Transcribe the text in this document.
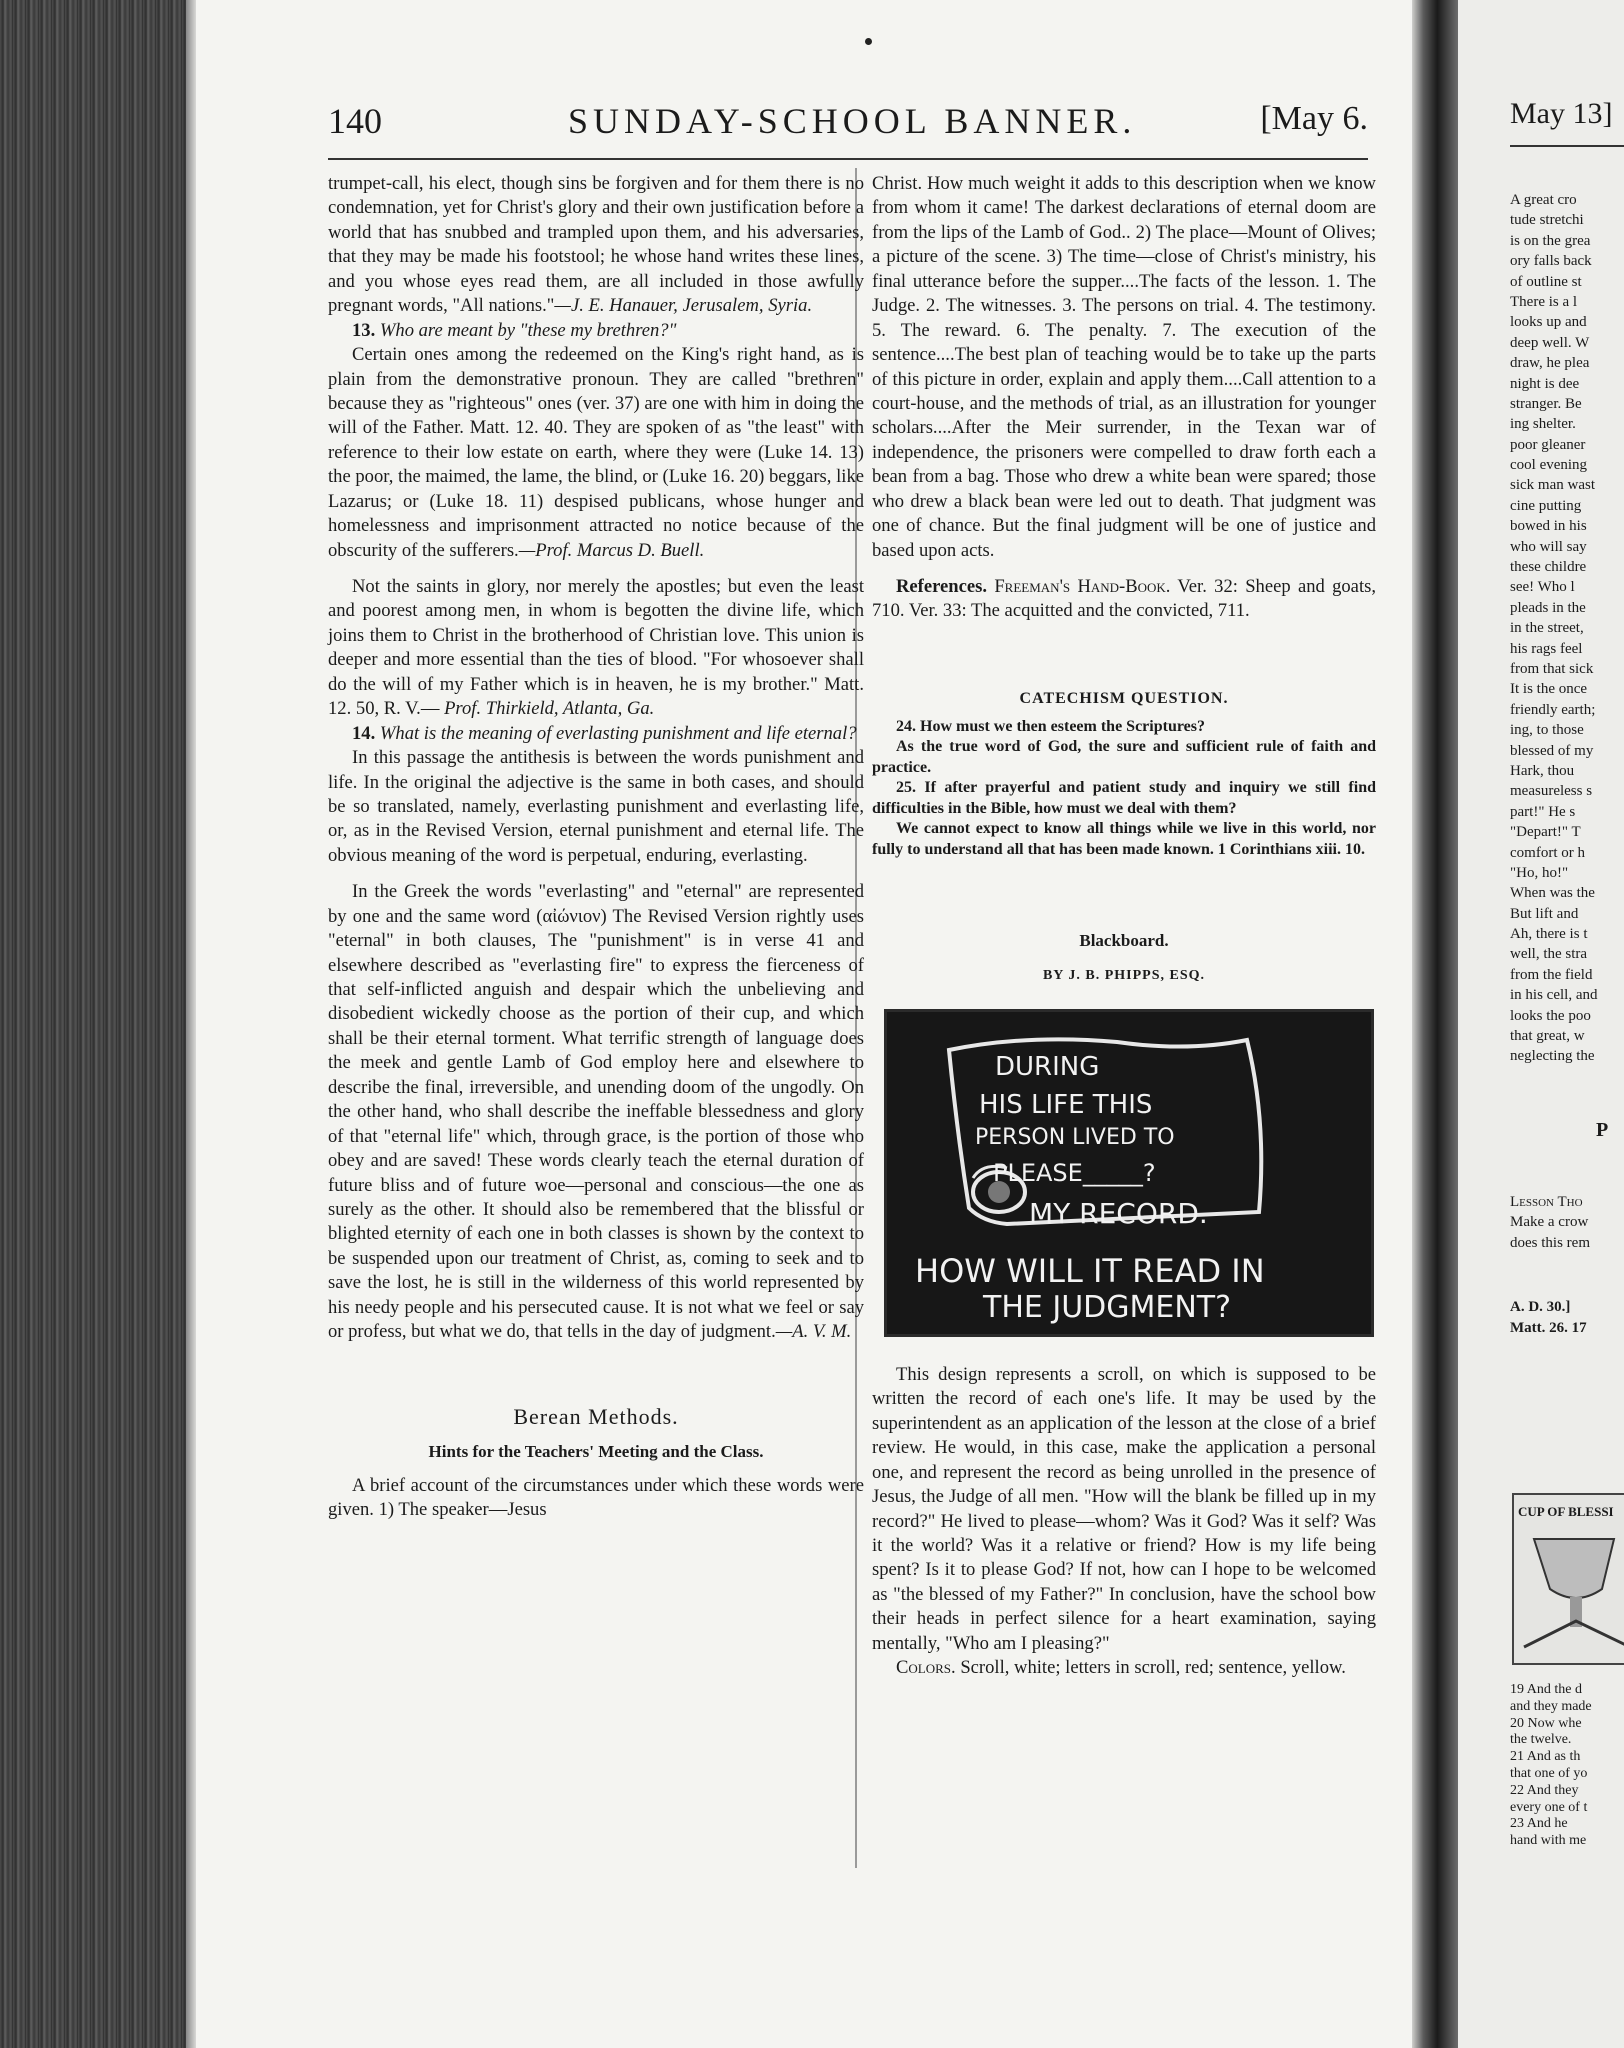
140	SUNDAY-SCHOOL BANNER.	[May 6.

trumpet-call, his elect, though sins be forgiven and for them there is no condemnation, yet for Christ's glory and their own justification before a world that has snubbed and trampled upon them, and his adversaries, that they may be made his footstool; he whose hand writes these lines, and you whose eyes read them, are all included in those awfully pregnant words, "All nations."—J. E. Hanauer, Jerusalem, Syria.

13. Who are meant by "these my brethren?"

Certain ones among the redeemed on the King's right hand, as is plain from the demonstrative pronoun. They are called "brethren" because they as "righteous" ones (ver. 37) are one with him in doing the will of the Father. Matt. 12. 40. They are spoken of as "the least" with reference to their low estate on earth, where they were (Luke 14. 13) the poor, the maimed, the lame, the blind, or (Luke 16. 20) beggars, like Lazarus; or (Luke 18. 11) despised publicans, whose hunger and homelessness and imprisonment attracted no notice because of the obscurity of the sufferers.—Prof. Marcus D. Buell.

Not the saints in glory, nor merely the apostles; but even the least and poorest among men, in whom is begotten the divine life, which joins them to Christ in the brotherhood of Christian love. This union is deeper and more essential than the ties of blood. "For whosoever shall do the will of my Father which is in heaven, he is my brother." Matt. 12. 50, R. V.— Prof. Thirkield, Atlanta, Ga.

14. What is the meaning of everlasting punishment and life eternal?

In this passage the antithesis is between the words punishment and life. In the original the adjective is the same in both cases, and should be so translated, namely, everlasting punishment and everlasting life, or, as in the Revised Version, eternal punishment and eternal life. The obvious meaning of the word is perpetual, enduring, everlasting.

In the Greek the words "everlasting" and "eternal" are represented by one and the same word (αἰώνιον) The Revised Version rightly uses "eternal" in both clauses, The "punishment" is in verse 41 and elsewhere described as "everlasting fire" to express the fierceness of that self-inflicted anguish and despair which the unbelieving and disobedient wickedly choose as the portion of their cup, and which shall be their eternal torment. What terrific strength of language does the meek and gentle Lamb of God employ here and elsewhere to describe the final, irreversible, and unending doom of the ungodly. On the other hand, who shall describe the ineffable blessedness and glory of that "eternal life" which, through grace, is the portion of those who obey and are saved! These words clearly teach the eternal duration of future bliss and of future woe—personal and conscious—the one as surely as the other. It should also be remembered that the blissful or blighted eternity of each one in both classes is shown by the context to be suspended upon our treatment of Christ, as, coming to seek and to save the lost, he is still in the wilderness of this world represented by his needy people and his persecuted cause. It is not what we feel or say or profess, but what we do, that tells in the day of judgment.—A. V. M.

Berean Methods.
Hints for the Teachers' Meeting and the Class.

A brief account of the circumstances under which these words were given. 1) The speaker—Jesus

Christ. How much weight it adds to this description when we know from whom it came! The darkest declarations of eternal doom are from the lips of the Lamb of God.. 2) The place—Mount of Olives; a picture of the scene. 3) The time—close of Christ's ministry, his final utterance before the supper....The facts of the lesson. 1. The Judge. 2. The witnesses. 3. The persons on trial. 4. The testimony. 5. The reward. 6. The penalty. 7. The execution of the sentence....The best plan of teaching would be to take up the parts of this picture in order, explain and apply them....Call attention to a court-house, and the methods of trial, as an illustration for younger scholars....After the Meir surrender, in the Texan war of independence, the prisoners were compelled to draw forth each a bean from a bag. Those who drew a white bean were spared; those who drew a black bean were led out to death. That judgment was one of chance. But the final judgment will be one of justice and based upon acts.

References. Freeman's Hand-Book. Ver. 32: Sheep and goats, 710. Ver. 33: The acquitted and the convicted, 711.

CATECHISM QUESTION.

24. How must we then esteem the Scriptures?

As the true word of God, the sure and sufficient rule of faith and practice.

25. If after prayerful and patient study and inquiry we still find difficulties in the Bible, how must we deal with them?

We cannot expect to know all things while we live in this world, nor fully to understand all that has been made known. 1 Corinthians xiii. 10.

Blackboard.
BY J. B. PHIPPS, ESQ.
DURING
HIS LIFE THIS
PERSON LIVED TO
PLEASE_____?
MY RECORD.
HOW WILL IT READ IN
THE JUDGMENT?

This design represents a scroll, on which is supposed to be written the record of each one's life. It may be used by the superintendent as an application of the lesson at the close of a brief review. He would, in this case, make the application a personal one, and represent the record as being unrolled in the presence of Jesus, the Judge of all men. "How will the blank be filled up in my record?" He lived to please—whom? Was it God? Was it self? Was it the world? Was it a relative or friend? How is my life being spent? Is it to please God? If not, how can I hope to be welcomed as "the blessed of my Father?" In conclusion, have the school bow their heads in perfect silence for a heart examination, saying mentally, "Who am I pleasing?"

Colors. Scroll, white; letters in scroll, red; sentence, yellow.

May 13]
A great cro
tude stretchi
is on the grea
ory falls back
of outline st
There is a l
looks up and
deep well. W
draw, he plea
night is dee
stranger. Be
ing shelter.
poor gleaner
cool evening
sick man wast
cine putting
bowed in his
who will say
these childre
see! Who l
pleads in the
in the street,
his rags feel
from that sick
It is the once
friendly earth;
ing, to those
blessed of my
Hark, thou
measureless s
part!" He s
"Depart!" T
comfort or h
"Ho, ho!"
When was the
But lift and
Ah, there is t
well, the stra
from the field
in his cell, and
looks the poo
that great, w
neglecting the
P
Lesson Tho
Make a crow
does this rem
A. D. 30.]
Matt. 26. 17
CUP OF BLESSI
19 And the d
and they made
20 Now whe
the twelve.
21 And as th
that one of yo
22 And they
every one of t
23 And he
hand with me
